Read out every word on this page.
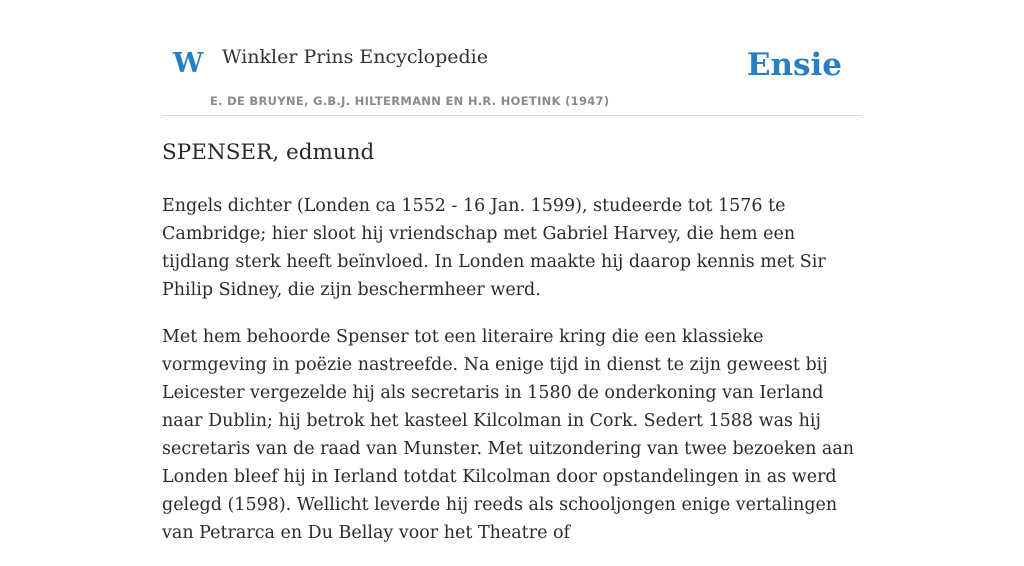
W Winkler Prins Encyclopedie
E. DE BRUYNE, G.B.J. HILTERMANN EN H.R. HOETINK (1947)
Ensie
SPENSER, edmund

Engels dichter (Londen ca 1552 - 16 Jan. 1599), studeerde tot 1576 te Cambridge; hier sloot hij vriendschap met Gabriel Harvey, die hem een tijdlang sterk heeft beïnvloed. In Londen maakte hij daarop kennis met Sir Philip Sidney, die zijn beschermheer werd.

Met hem behoorde Spenser tot een literaire kring die een klassieke vormgeving in poëzie nastreefde. Na enige tijd in dienst te zijn geweest bij Leicester vergezelde hij als secretaris in 1580 de onderkoning van Ierland naar Dublin; hij betrok het kasteel Kilcolman in Cork. Sedert 1588 was hij secretaris van de raad van Munster. Met uitzondering van twee bezoeken aan Londen bleef hij in Ierland totdat Kilcolman door opstandelingen in as werd gelegd (1598). Wellicht leverde hij reeds als schooljongen enige vertalingen van Petrarca en Du Bellay voor het Theatre of
